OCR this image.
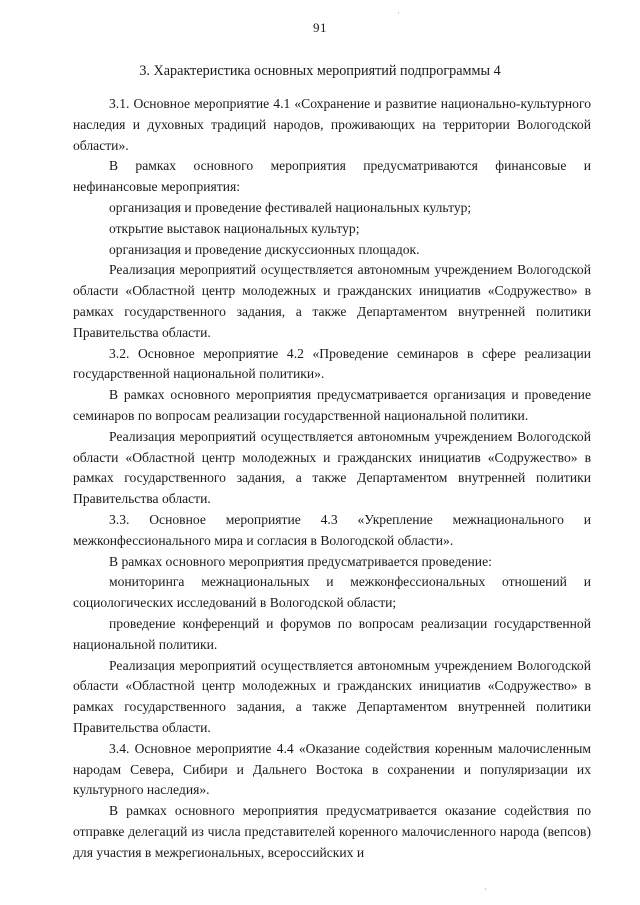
91
3. Характеристика основных мероприятий подпрограммы 4

3.1. Основное мероприятие 4.1 «Сохранение и развитие национально-культурного наследия и духовных традиций народов, проживающих на территории Вологодской области».

В рамках основного мероприятия предусматриваются финансовые и нефинансовые мероприятия:

организация и проведение фестивалей национальных культур;

открытие выставок национальных культур;

организация и проведение дискуссионных площадок.

Реализация мероприятий осуществляется автономным учреждением Вологодской области «Областной центр молодежных и гражданских инициатив «Содружество» в рамках государственного задания, а также Департаментом внутренней политики Правительства области.

3.2. Основное мероприятие 4.2 «Проведение семинаров в сфере реализации государственной национальной политики».

В рамках основного мероприятия предусматривается организация и проведение семинаров по вопросам реализации государственной национальной политики.

Реализация мероприятий осуществляется автономным учреждением Вологодской области «Областной центр молодежных и гражданских инициатив «Содружество» в рамках государственного задания, а также Департаментом внутренней политики Правительства области.

3.3. Основное мероприятие 4.3 «Укрепление межнационального и межконфессионального мира и согласия в Вологодской области».

В рамках основного мероприятия предусматривается проведение:

мониторинга межнациональных и межконфессиональных отношений и социологических исследований в Вологодской области;

проведение конференций и форумов по вопросам реализации государственной национальной политики.

Реализация мероприятий осуществляется автономным учреждением Вологодской области «Областной центр молодежных и гражданских инициатив «Содружество» в рамках государственного задания, а также Департаментом внутренней политики Правительства области.

3.4. Основное мероприятие 4.4 «Оказание содействия коренным малочисленным народам Севера, Сибири и Дальнего Востока в сохранении и популяризации их культурного наследия».

В рамках основного мероприятия предусматривается оказание содействия по отправке делегаций из числа представителей коренного малочисленного народа (вепсов) для участия в межрегиональных, всероссийских и

·
·
